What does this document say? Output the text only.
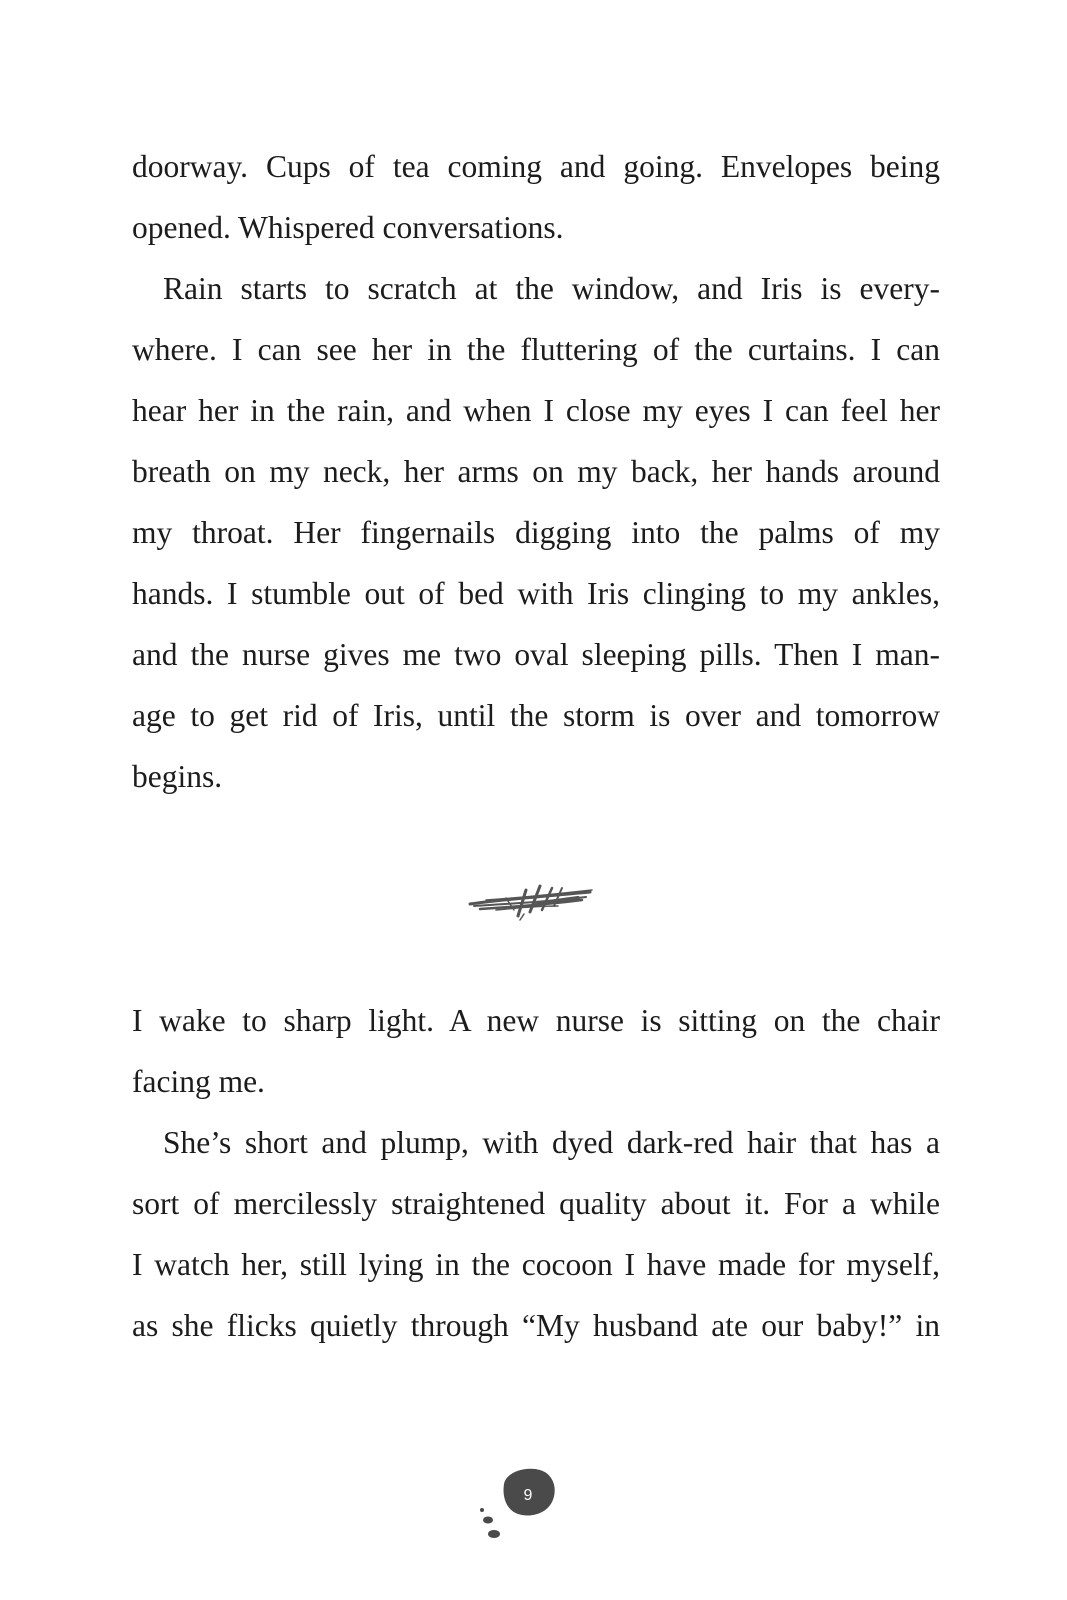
doorway. Cups of tea coming and going. Envelopes being
opened. Whispered conversations.
Rain starts to scratch at the window, and Iris is every-
where. I can see her in the fluttering of the curtains. I can
hear her in the rain, and when I close my eyes I can feel her
breath on my neck, her arms on my back, her hands around
my throat. Her fingernails digging into the palms of my
hands. I stumble out of bed with Iris clinging to my ankles,
and the nurse gives me two oval sleeping pills. Then I man-
age to get rid of Iris, until the storm is over and tomorrow
begins.
I wake to sharp light. A new nurse is sitting on the chair
facing me.
She’s short and plump, with dyed dark-red hair that has a
sort of mercilessly straightened quality about it. For a while
I watch her, still lying in the cocoon I have made for myself,
as she flicks quietly through “My husband ate our baby!” in
9
